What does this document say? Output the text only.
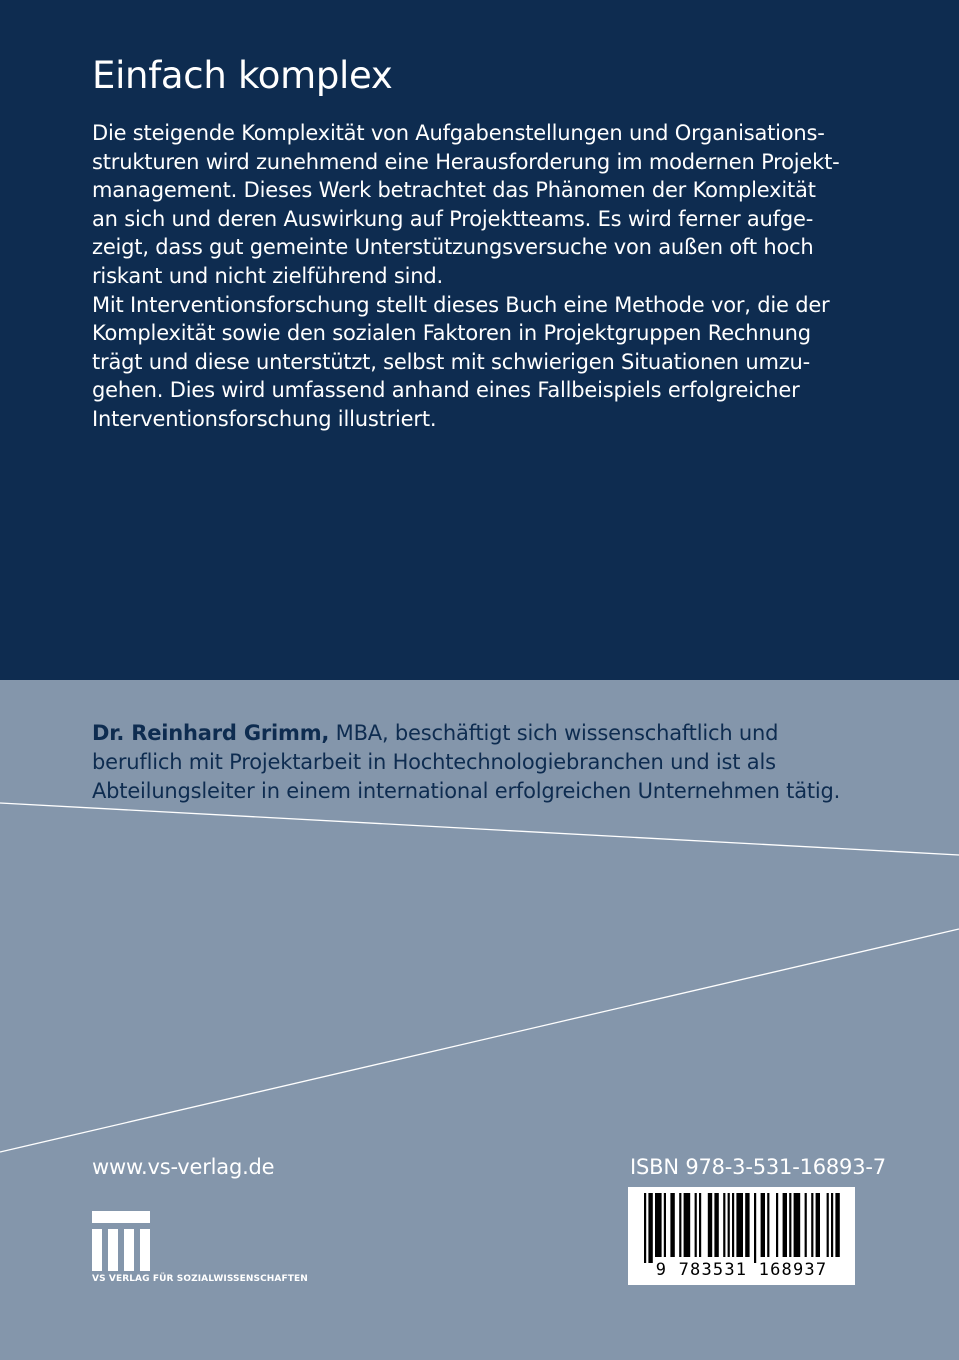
Einfach komplex

Die steigende Komplexität von Aufgabenstellungen und Organisations-
strukturen wird zunehmend eine Herausforderung im modernen Projekt-
management. Dieses Werk betrachtet das Phänomen der Komplexität
an sich und deren Auswirkung auf Projektteams. Es wird ferner aufge-
zeigt, dass gut gemeinte Unterstützungsversuche von außen oft hoch
riskant und nicht zielführend sind.

Mit Interventionsforschung stellt dieses Buch eine Methode vor, die der
Komplexität sowie den sozialen Faktoren in Projektgruppen Rechnung
trägt und diese unterstützt, selbst mit schwierigen Situationen umzu-
gehen. Dies wird umfassend anhand eines Fallbeispiels erfolgreicher
Interventionsforschung illustriert.

Dr. Reinhard Grimm, MBA, beschäftigt sich wissenschaftlich und
beruflich mit Projektarbeit in Hochtechnologiebranchen und ist als
Abteilungsleiter in einem international erfolgreichen Unternehmen tätig.
www.vs-verlag.de	ISBN 978-3-531-16893-7
VS VERLAG FÜR SOZIALWISSENSCHAFTEN	9 783531 168937
